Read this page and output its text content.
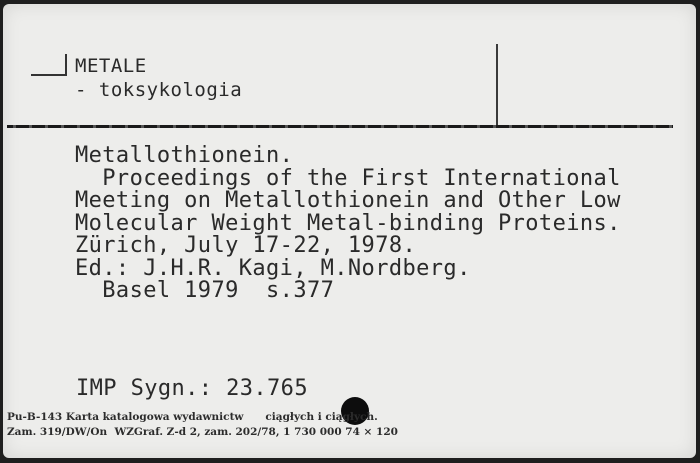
METALE
- toksykologia
Metallothionein.
Proceedings of the First International
Meeting on Metallothionein and Other Low
Molecular Weight Metal-binding Proteins.
Zürich, July 17-22, 1978.
Ed.: J.H.R. Kagi, M.Nordberg.
Basel 1979  s.377
IMP Sygn.: 23.765
Pu-B-143 Karta katalogowa wydawnictw      ciągłych i ciągłych.
Zam. 319/DW/On  WZGraf. Z-d 2, zam. 202/78, 1 730 000 74 × 120
